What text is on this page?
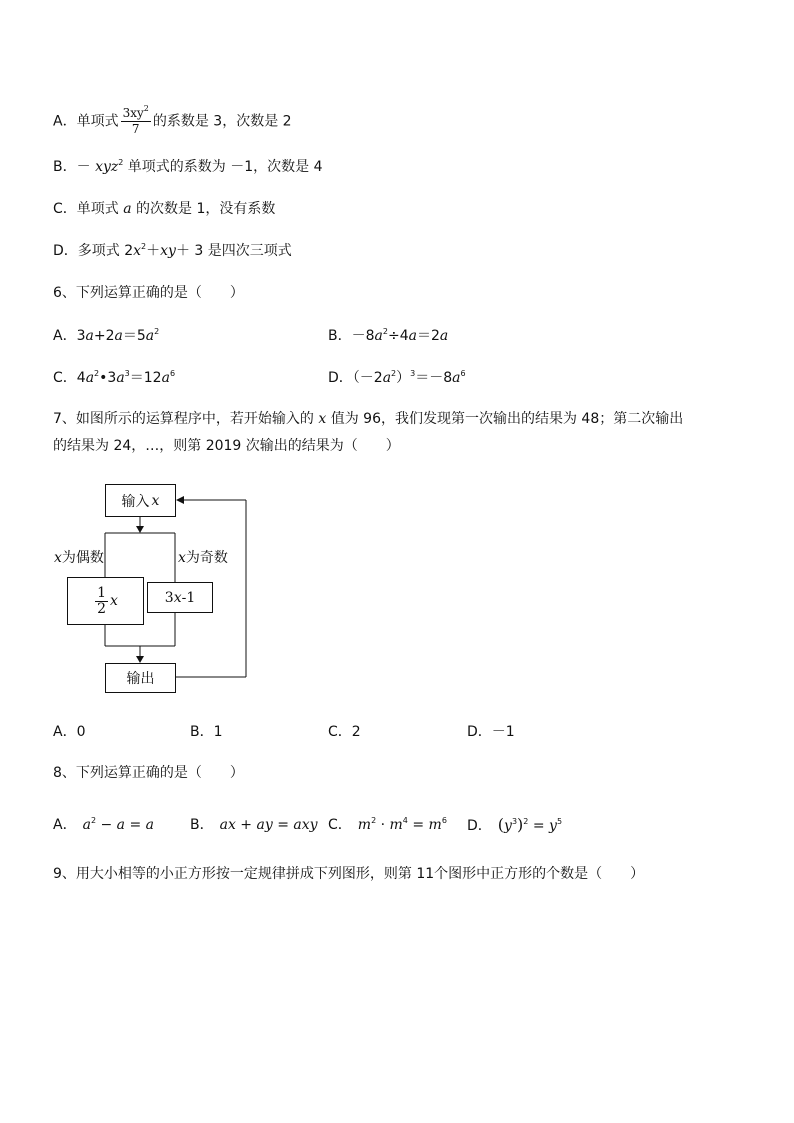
A．单项式 $\frac{3xy^2}{7}$ 的系数是 3，次数是 2
B．－ xyz$^2$ 单项式的系数为 －1，次数是 4
C．单项式 a 的次数是 1，没有系数
D．多项式 $2x^2+xy+ 3$ 是四次三项式
6、下列运算正确的是（　　）
A．$3a+2a=5a^2$	B．$-8a^2\div 4a=2a$
C．$4a^2•3a^3=12a^6$	D．$(-2a^2)^3=-8a^6$
7、如图所示的运算程序中，若开始输入的 x 值为 96，我们发现第一次输出的结果为 48；第二次输出
的结果为 24，…，则第 2019 次输出的结果为（　　）
输入 x
x为偶数	x为奇数
$\frac{1}{2}$ x	3 x -1
输出
A．0	B．1	C．2	D．－1
8、下列运算正确的是（　　）
A． $a^2 - a = a$	B． ax + ay = axy C． $m^2 \cdot m^4 = m^6$ D． $(y^3)^2 = y^5$
9、用大小相等的小正方形按一定规律拼成下列图形，则第 11个图形中正方形的个数是（　　）
